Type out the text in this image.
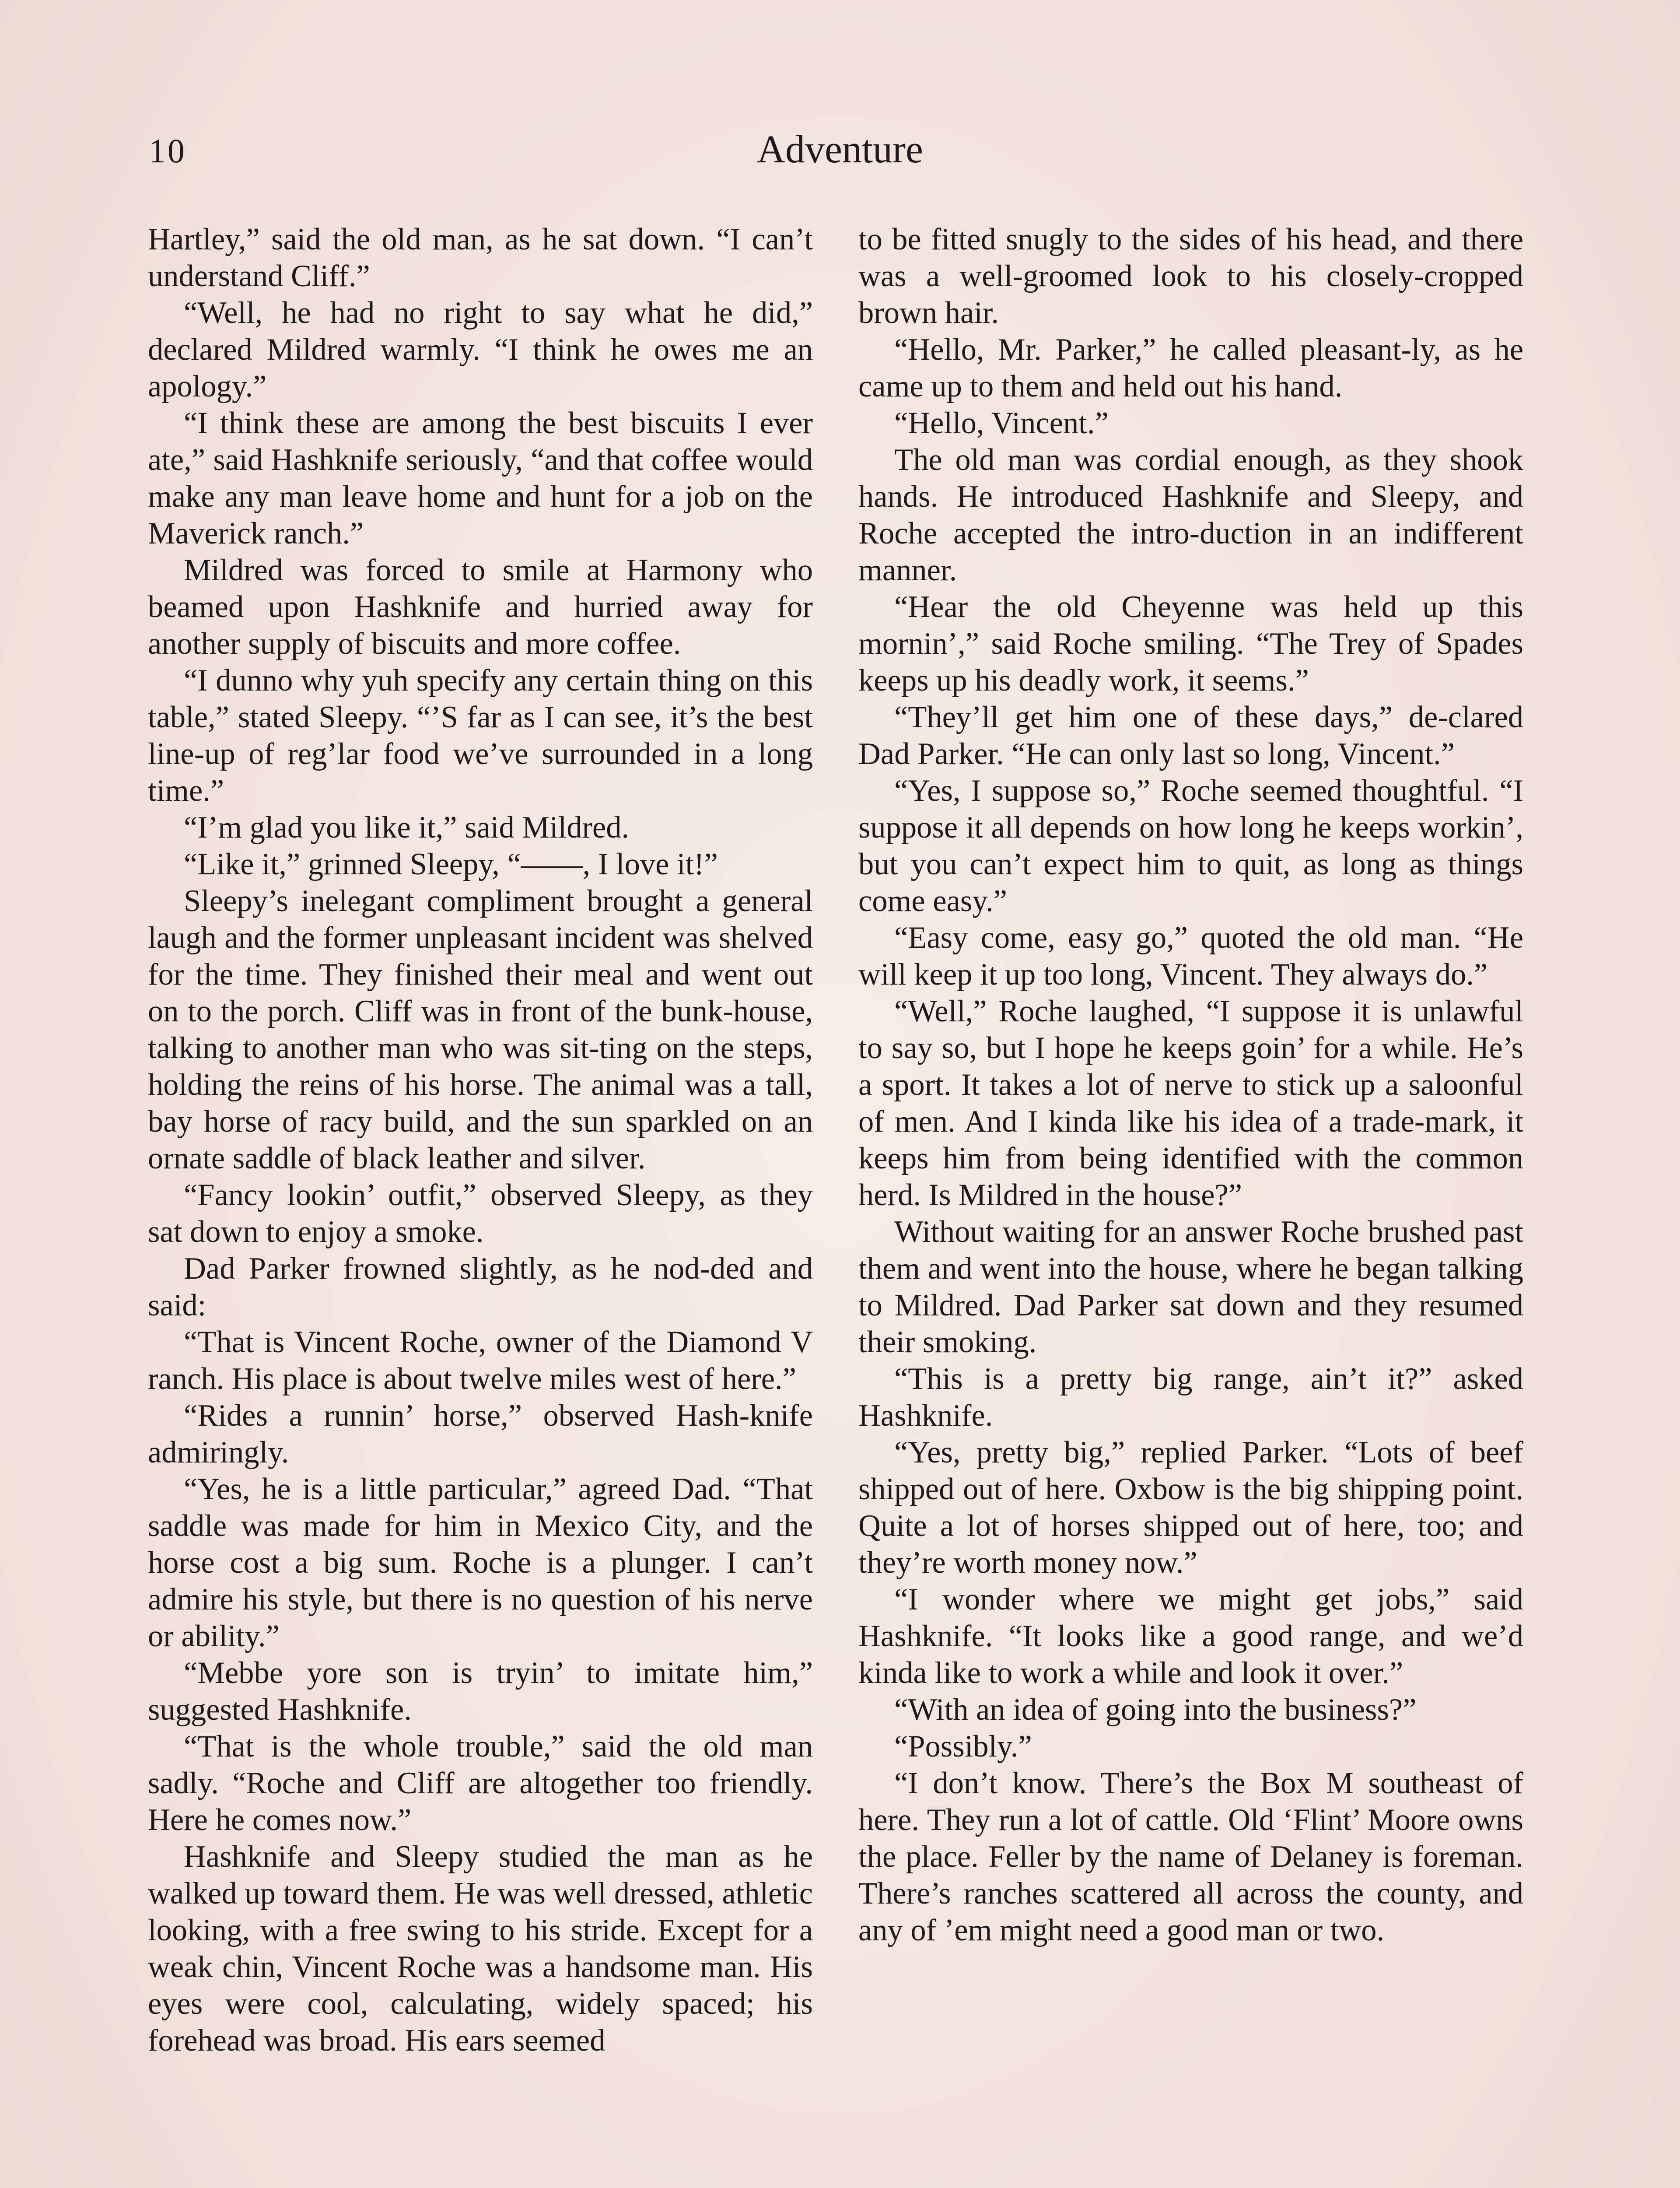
10	Adventure

Hartley,” said the old man, as he sat down. “I can’t understand Cliff.”

“Well, he had no right to say what he did,” declared Mildred warmly. “I think he owes me an apology.”

“I think these are among the best biscuits I ever ate,” said Hashknife seriously, “and that coffee would make any man leave home and hunt for a job on the Maverick ranch.”

Mildred was forced to smile at Harmony who beamed upon Hashknife and hurried away for another supply of biscuits and more coffee.

“I dunno why yuh specify any certain thing on this table,” stated Sleepy. “’S far as I can see, it’s the best line-up of reg’lar food we’ve surrounded in a long time.”

“I’m glad you like it,” said Mildred.

“Like it,” grinned Sleepy, “——, I love it!”

Sleepy’s inelegant compliment brought a general laugh and the former unpleasant incident was shelved for the time. They finished their meal and went out on to the porch. Cliff was in front of the bunk-house, talking to another man who was sit-ting on the steps, holding the reins of his horse. The animal was a tall, bay horse of racy build, and the sun sparkled on an ornate saddle of black leather and silver.

“Fancy lookin’ outfit,” observed Sleepy, as they sat down to enjoy a smoke.

Dad Parker frowned slightly, as he nod-ded and said:

“That is Vincent Roche, owner of the Diamond V ranch. His place is about twelve miles west of here.”

“Rides a runnin’ horse,” observed Hash-knife admiringly.

“Yes, he is a little particular,” agreed Dad. “That saddle was made for him in Mexico City, and the horse cost a big sum. Roche is a plunger. I can’t admire his style, but there is no question of his nerve or ability.”

“Mebbe yore son is tryin’ to imitate him,” suggested Hashknife.

“That is the whole trouble,” said the old man sadly. “Roche and Cliff are altogether too friendly. Here he comes now.”

Hashknife and Sleepy studied the man as he walked up toward them. He was well dressed, athletic looking, with a free swing to his stride. Except for a weak chin, Vincent Roche was a handsome man. His eyes were cool, calculating, widely spaced; his forehead was broad. His ears seemed

to be fitted snugly to the sides of his head, and there was a well-groomed look to his closely-cropped brown hair.

“Hello, Mr. Parker,” he called pleasant-ly, as he came up to them and held out his hand.

“Hello, Vincent.”

The old man was cordial enough, as they shook hands. He introduced Hashknife and Sleepy, and Roche accepted the intro-duction in an indifferent manner.

“Hear the old Cheyenne was held up this mornin’,” said Roche smiling. “The Trey of Spades keeps up his deadly work, it seems.”

“They’ll get him one of these days,” de-clared Dad Parker. “He can only last so long, Vincent.”

“Yes, I suppose so,” Roche seemed thoughtful. “I suppose it all depends on how long he keeps workin’, but you can’t expect him to quit, as long as things come easy.”

“Easy come, easy go,” quoted the old man. “He will keep it up too long, Vincent. They always do.”

“Well,” Roche laughed, “I suppose it is unlawful to say so, but I hope he keeps goin’ for a while. He’s a sport. It takes a lot of nerve to stick up a saloonful of men. And I kinda like his idea of a trade-mark, it keeps him from being identified with the common herd. Is Mildred in the house?”

Without waiting for an answer Roche brushed past them and went into the house, where he began talking to Mildred. Dad Parker sat down and they resumed their smoking.

“This is a pretty big range, ain’t it?” asked Hashknife.

“Yes, pretty big,” replied Parker. “Lots of beef shipped out of here. Oxbow is the big shipping point. Quite a lot of horses shipped out of here, too; and they’re worth money now.”

“I wonder where we might get jobs,” said Hashknife. “It looks like a good range, and we’d kinda like to work a while and look it over.”

“With an idea of going into the business?”

“Possibly.”

“I don’t know. There’s the Box M southeast of here. They run a lot of cattle. Old ‘Flint’ Moore owns the place. Feller by the name of Delaney is foreman. There’s ranches scattered all across the county, and any of ’em might need a good man or two.
